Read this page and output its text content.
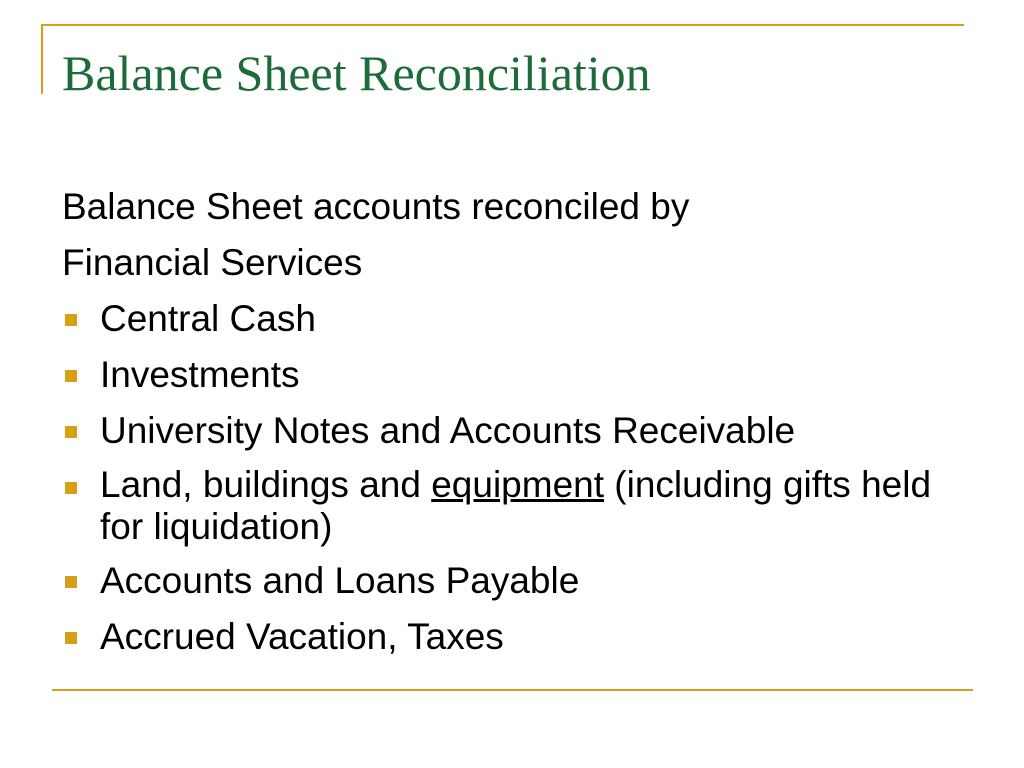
Balance Sheet Reconciliation
Balance Sheet accounts reconciled by
Financial Services
Central Cash
Investments
University Notes and Accounts Receivable
Land, buildings and equipment (including gifts held for liquidation)
Accounts and Loans Payable
Accrued Vacation, Taxes
